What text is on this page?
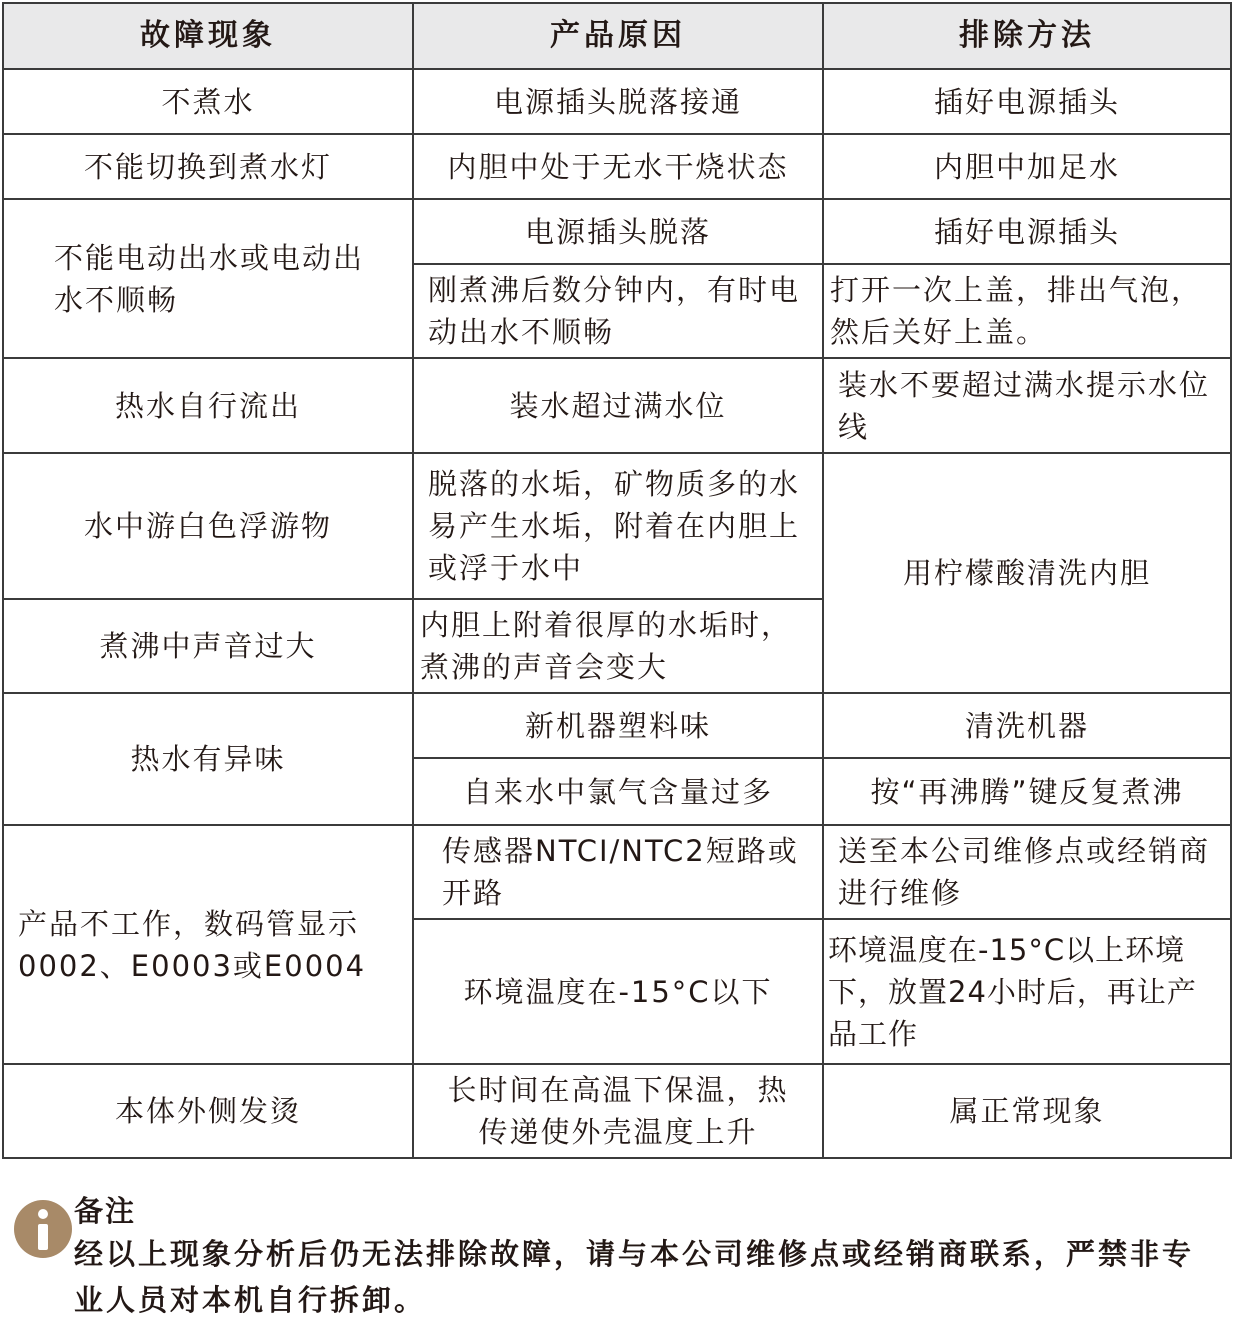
故障现象	产品原因	排除方法
不煮水	电源插头脱落接通	插好电源插头
不能切换到煮水灯	内胆中处于无水干烧状态	内胆中加足水
不能电动出水或电动出水不顺畅	电源插头脱落	插好电源插头
	刚煮沸后数分钟内，有时电动出水不顺畅	打开一次上盖，排出气泡，然后关好上盖。
热水自行流出	装水超过满水位	装水不要超过满水提示水位线
水中游白色浮游物	脱落的水垢，矿物质多的水易产生水垢，附着在内胆上或浮于水中	用柠檬酸清洗内胆
煮沸中声音过大	内胆上附着很厚的水垢时，煮沸的声音会变大	
热水有异味	新机器塑料味	清洗机器
	自来水中氯气含量过多	按“再沸腾”键反复煮沸
产品不工作，数码管显示0002、E0003或E0004	传感器NTCI/NTC2短路或开路	送至本公司维修点或经销商进行维修
	环境温度在-15°C以下	环境温度在-15°C以上环境下，放置24小时后，再让产品工作
本体外侧发烫	长时间在高温下保温，热传递使外壳温度上升	属正常现象
备注
经以上现象分析后仍无法排除故障，请与本公司维修点或经销商联系，严禁非专业人员对本机自行拆卸。
